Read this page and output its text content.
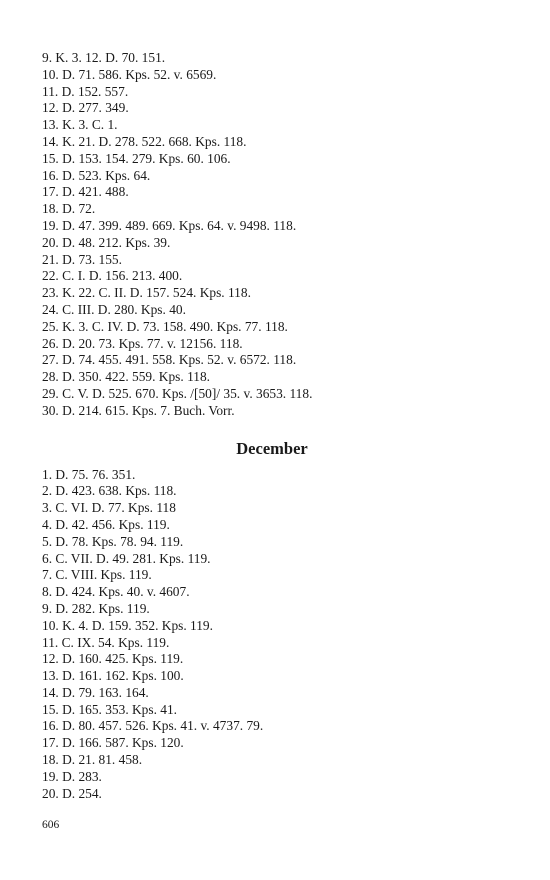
9. K. 3. 12. D. 70. 151.
10. D. 71. 586. Kps. 52. v. 6569.
11. D. 152. 557.
12. D. 277. 349.
13. K. 3. C. 1.
14. K. 21. D. 278. 522. 668. Kps. 118.
15. D. 153. 154. 279. Kps. 60. 106.
16. D. 523. Kps. 64.
17. D. 421. 488.
18. D. 72.
19. D. 47. 399. 489. 669. Kps. 64. v. 9498. 118.
20. D. 48. 212. Kps. 39.
21. D. 73. 155.
22. C. I. D. 156. 213. 400.
23. K. 22. C. II. D. 157. 524. Kps. 118.
24. C. III. D. 280. Kps. 40.
25. K. 3. C. IV. D. 73. 158. 490. Kps. 77. 118.
26. D. 20. 73. Kps. 77. v. 12156. 118.
27. D. 74. 455. 491. 558. Kps. 52. v. 6572. 118.
28. D. 350. 422. 559. Kps. 118.
29. C. V. D. 525. 670. Kps. /[50]/ 35. v. 3653. 118.
30. D. 214. 615. Kps. 7. Buch. Vorr.
December
1. D. 75. 76. 351.
2. D. 423. 638. Kps. 118.
3. C. VI. D. 77. Kps. 118
4. D. 42. 456. Kps. 119.
5. D. 78. Kps. 78. 94. 119.
6. C. VII. D. 49. 281. Kps. 119.
7. C. VIII. Kps. 119.
8. D. 424. Kps. 40. v. 4607.
9. D. 282. Kps. 119.
10. K. 4. D. 159. 352. Kps. 119.
11. C. IX. 54. Kps. 119.
12. D. 160. 425. Kps. 119.
13. D. 161. 162. Kps. 100.
14. D. 79. 163. 164.
15. D. 165. 353. Kps. 41.
16. D. 80. 457. 526. Kps. 41. v. 4737. 79.
17. D. 166. 587. Kps. 120.
18. D. 21. 81. 458.
19. D. 283.
20. D. 254.
606
